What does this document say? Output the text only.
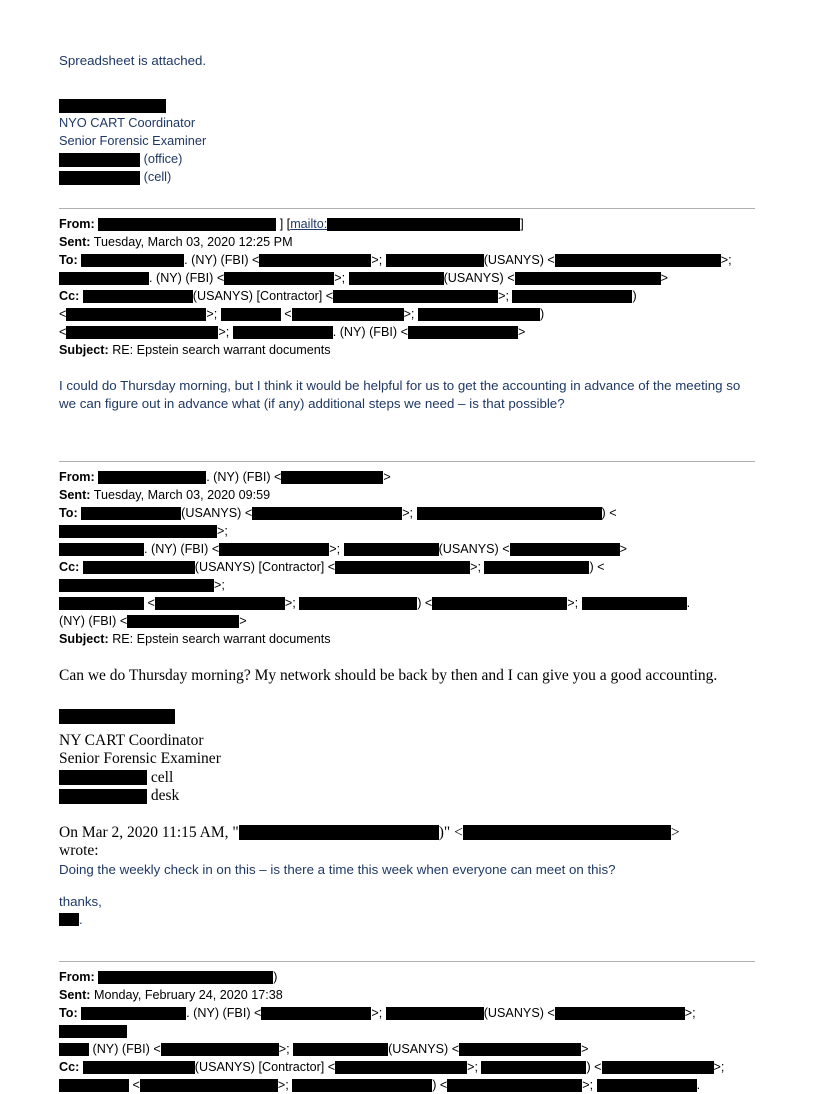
Spreadsheet is attached.
NYO CART Coordinator
Senior Forensic Examiner
(office)
(cell)
From:	] [mailto:	]
Sent: Tuesday, March 03, 2020 12:25 PM
To:	. (NY) (FBI) <	>;	(USANYS) <	>; . (NY) (FBI) <	>;	(USANYS) <	>
Cc:	(USANYS) [Contractor] <	>;	)
<	>;	<	>;	)
<	>;	. (NY) (FBI) <	>
Subject: RE: Epstein search warrant documents
I could do Thursday morning, but I think it would be helpful for us to get the accounting in advance of the meeting so we can figure out in advance what (if any) additional steps we need – is that possible?
From:	. (NY) (FBI) <	>
Sent: Tuesday, March 03, 2020 09:59
To:	(USANYS) <	>;	) <>;
. (NY) (FBI) <	>;	(USANYS) <	>
Cc:	(USANYS) [Contractor] <	>;	) <>;
<	>;	) <	>;	.
(NY) (FBI) <	>
Subject: RE: Epstein search warrant documents
Can we do Thursday morning? My network should be back by then and I can give you a good accounting.
NY CART Coordinator
Senior Forensic Examiner
cell
desk
On Mar 2, 2020 11:15 AM, "	)" <	>
wrote:
Doing the weekly check in on this – is there a time this week when everyone can meet on this?
thanks,
.
From:	)
Sent: Monday, February 24, 2020 17:38
To:	. (NY) (FBI) <	>;	(USANYS) <	>;
(NY) (FBI) <	>;	(USANYS) <	>
Cc:	(USANYS) [Contractor] <	>;	) <	>;
<	>;	) <	>;	.
